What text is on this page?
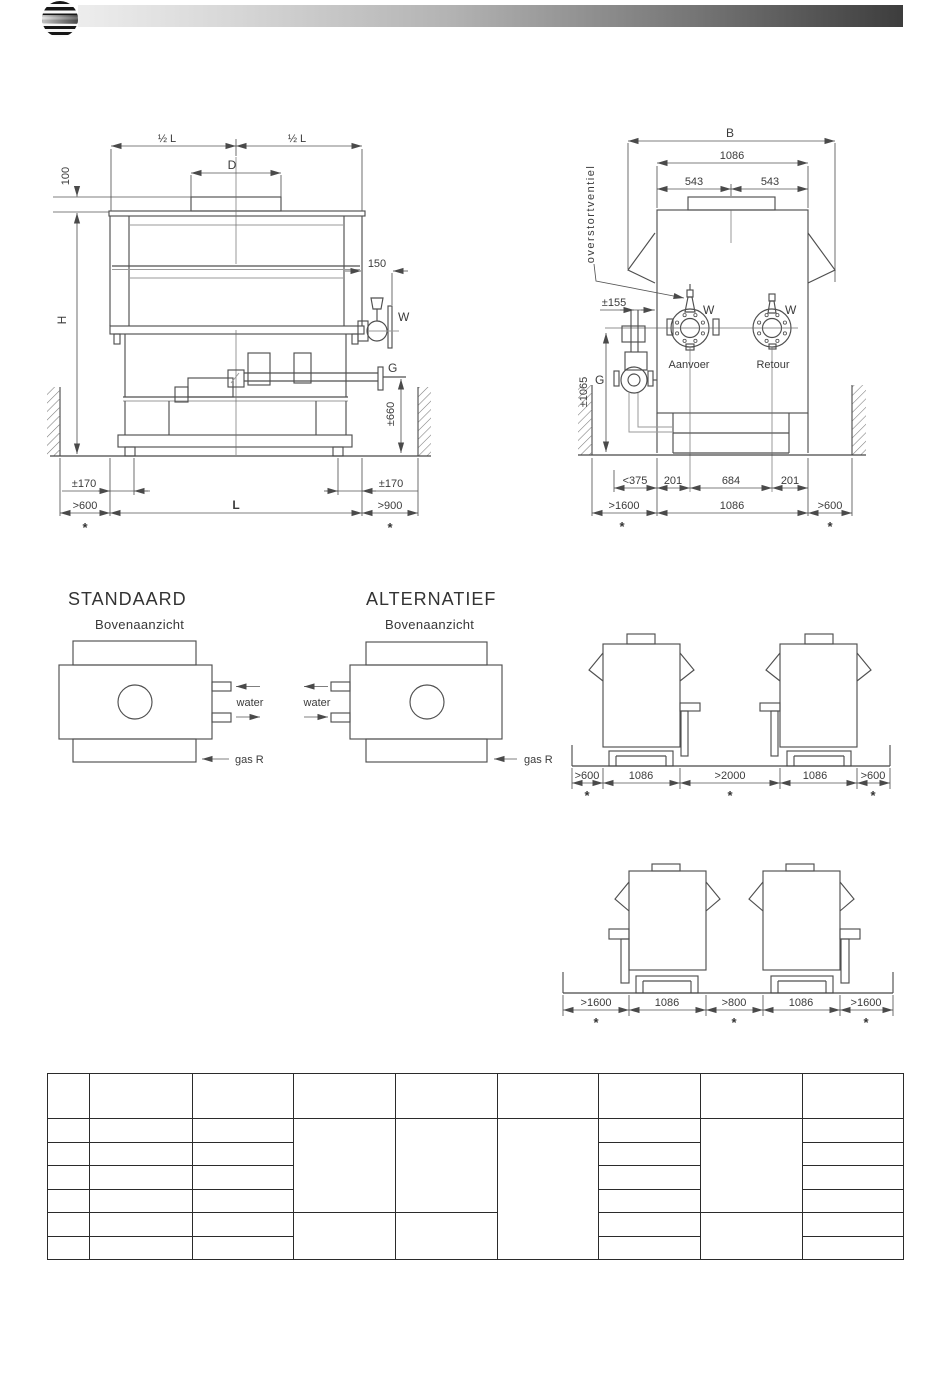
½ L	½ L
D
100
H
150
W
G
±660
±170	±170
>600	L	>900
*	*
B
1086
543	543
overstortventiel
±155	W	W
Aanvoer	Retour
G
±1065
<375 201	684	201
>1600	1086	>600
*	*
STANDAARD
Bovenaanzicht
water
gas R
ALTERNATIEF
Bovenaanzicht
water
gas R
>600	1086	>2000	1086	>600
*	*	*
>1600	1086	>800	1086	>1600
*	*	*
